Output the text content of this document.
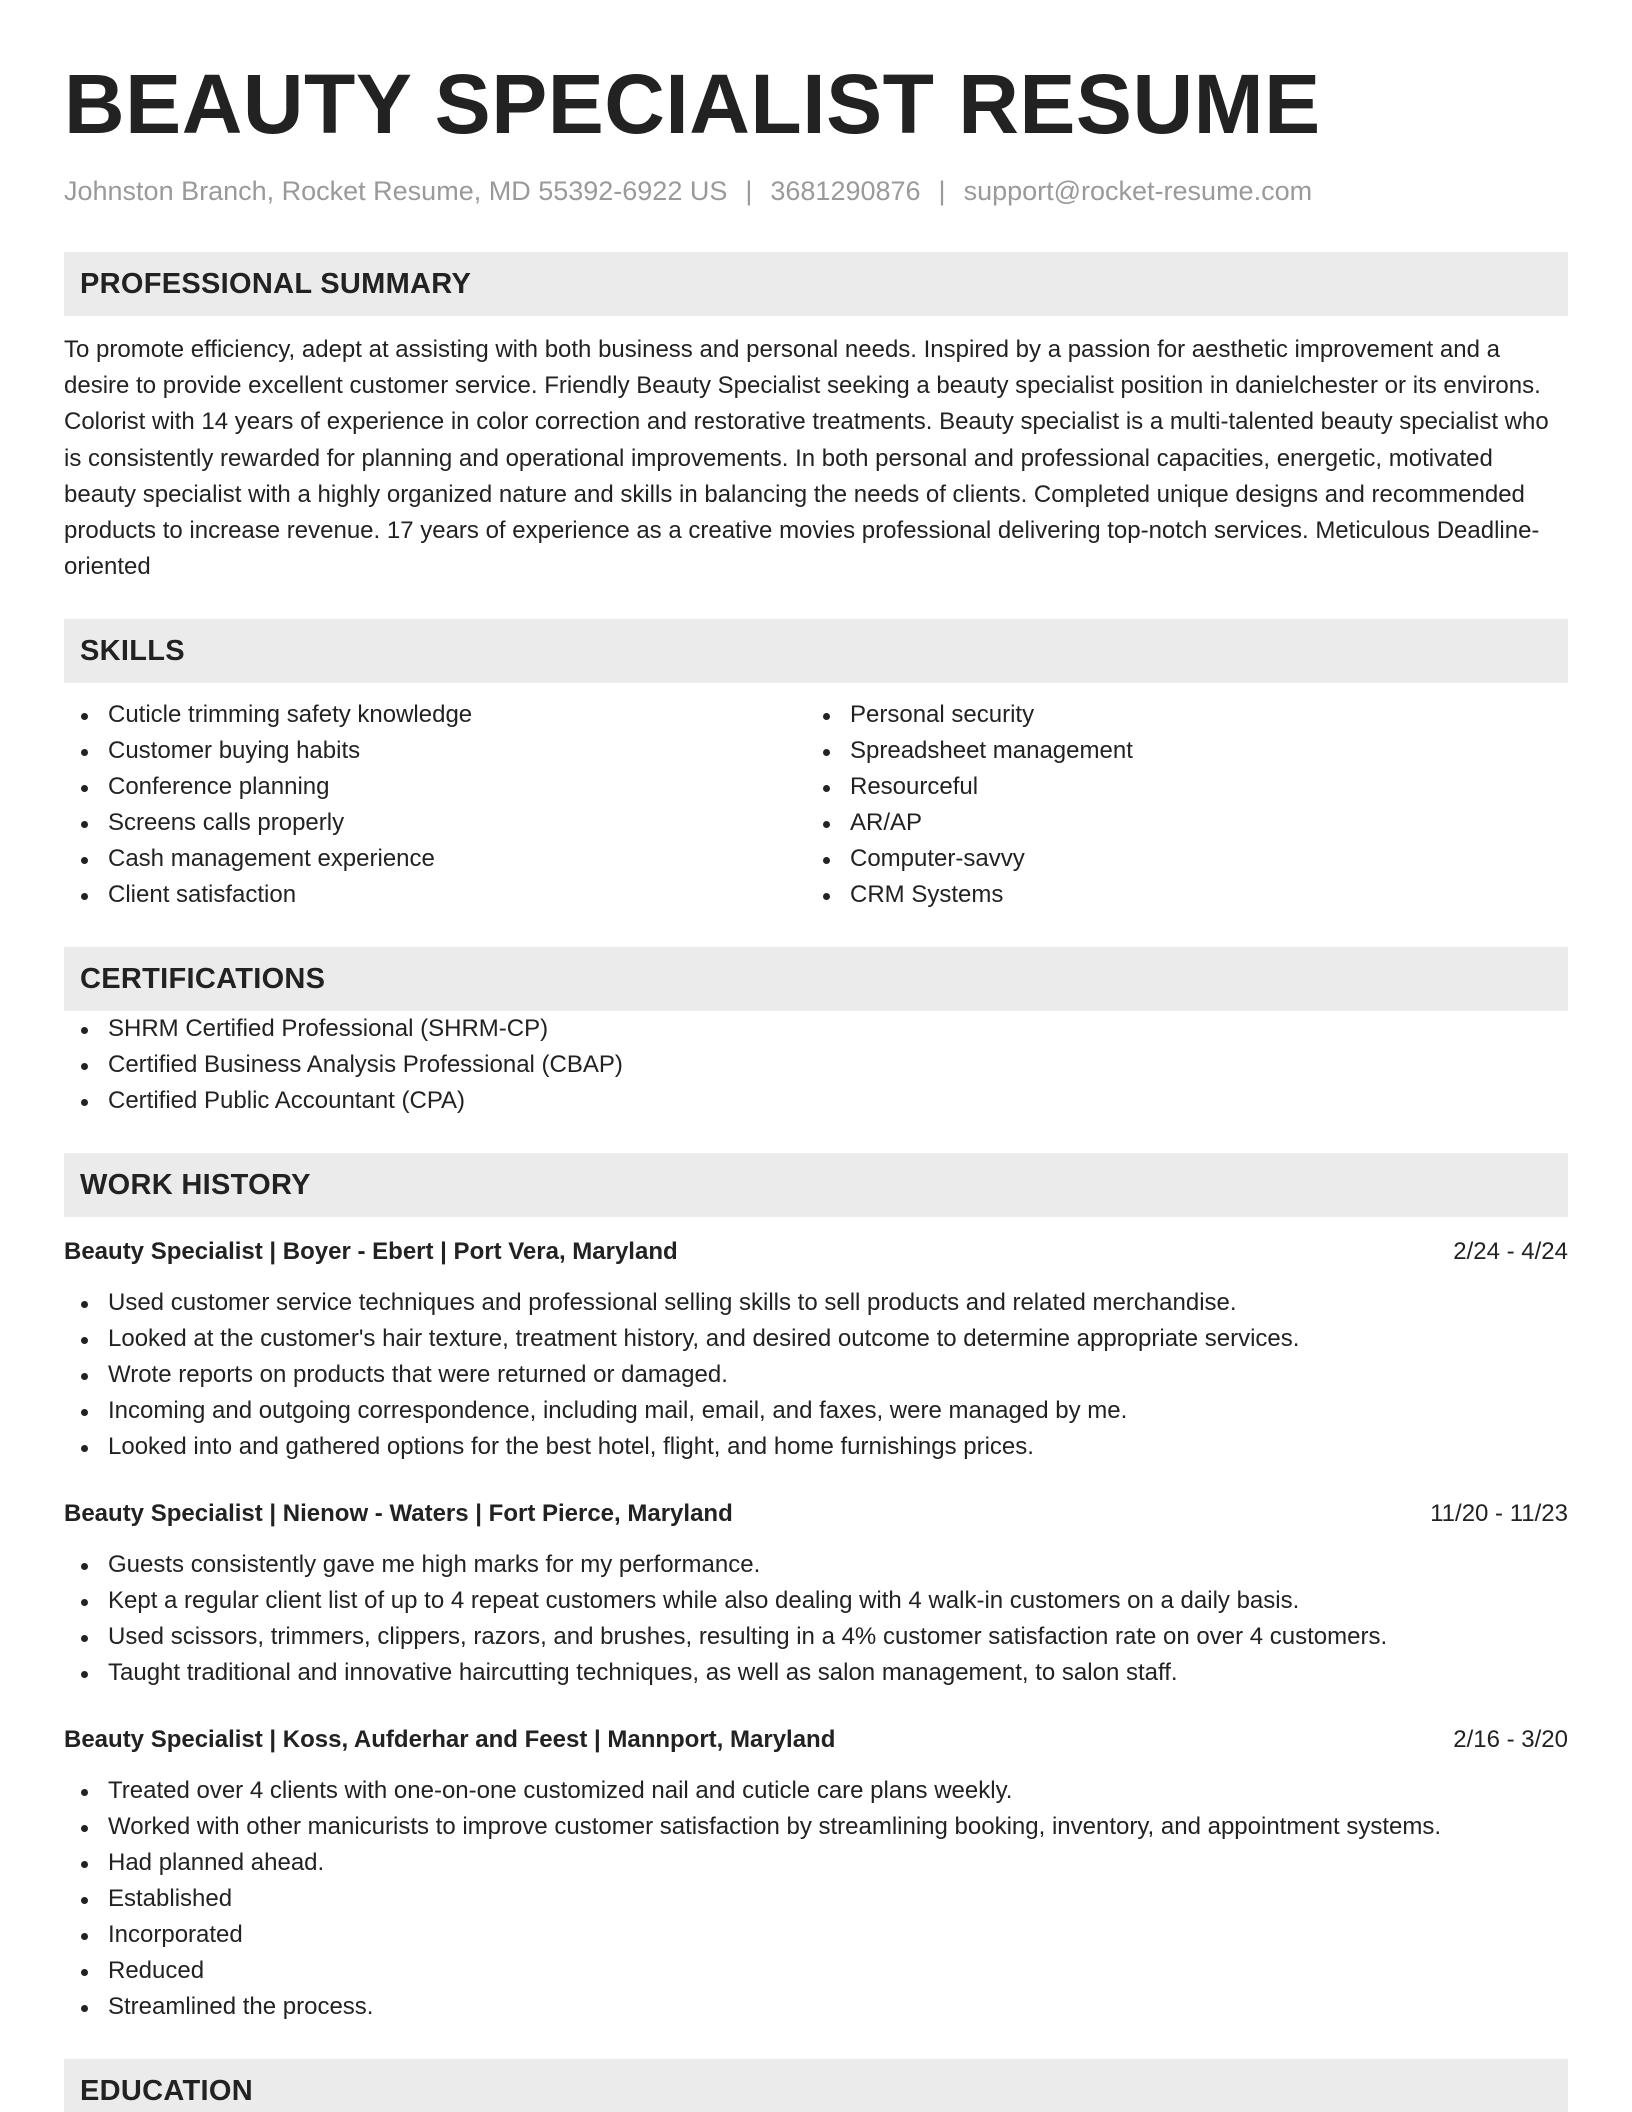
BEAUTY SPECIALIST RESUME
Johnston Branch, Rocket Resume, MD 55392-6922 US | 3681290876 | support@rocket-resume.com
PROFESSIONAL SUMMARY
To promote efficiency, adept at assisting with both business and personal needs. Inspired by a passion for aesthetic improvement and a desire to provide excellent customer service. Friendly Beauty Specialist seeking a beauty specialist position in danielchester or its environs. Colorist with 14 years of experience in color correction and restorative treatments. Beauty specialist is a multi-talented beauty specialist who is consistently rewarded for planning and operational improvements. In both personal and professional capacities, energetic, motivated beauty specialist with a highly organized nature and skills in balancing the needs of clients. Completed unique designs and recommended products to increase revenue. 17 years of experience as a creative movies professional delivering top-notch services. Meticulous Deadline-oriented
SKILLS
Cuticle trimming safety knowledge
Customer buying habits
Conference planning
Screens calls properly
Cash management experience
Client satisfaction
Personal security
Spreadsheet management
Resourceful
AR/AP
Computer-savvy
CRM Systems
CERTIFICATIONS
SHRM Certified Professional (SHRM-CP)
Certified Business Analysis Professional (CBAP)
Certified Public Accountant (CPA)
WORK HISTORY
Beauty Specialist | Boyer - Ebert | Port Vera, Maryland	2/24 - 4/24
Used customer service techniques and professional selling skills to sell products and related merchandise.
Looked at the customer's hair texture, treatment history, and desired outcome to determine appropriate services.
Wrote reports on products that were returned or damaged.
Incoming and outgoing correspondence, including mail, email, and faxes, were managed by me.
Looked into and gathered options for the best hotel, flight, and home furnishings prices.
Beauty Specialist | Nienow - Waters | Fort Pierce, Maryland	11/20 - 11/23
Guests consistently gave me high marks for my performance.
Kept a regular client list of up to 4 repeat customers while also dealing with 4 walk-in customers on a daily basis.
Used scissors, trimmers, clippers, razors, and brushes, resulting in a 4% customer satisfaction rate on over 4 customers.
Taught traditional and innovative haircutting techniques, as well as salon management, to salon staff.
Beauty Specialist | Koss, Aufderhar and Feest | Mannport, Maryland	2/16 - 3/20
Treated over 4 clients with one-on-one customized nail and cuticle care plans weekly.
Worked with other manicurists to improve customer satisfaction by streamlining booking, inventory, and appointment systems.
Had planned ahead.
Established
Incorporated
Reduced
Streamlined the process.
EDUCATION
